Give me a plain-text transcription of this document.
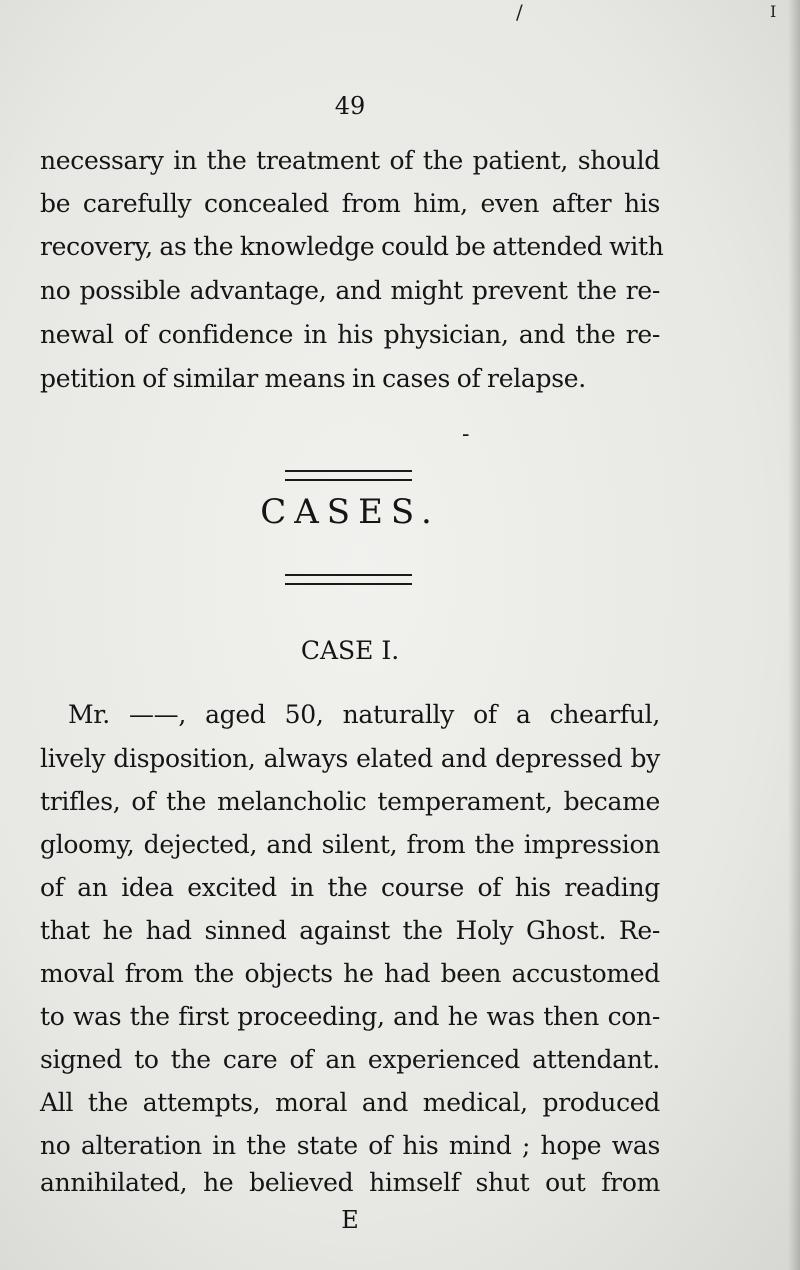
/	I
49
necessary in the treatment of the patient, should
be carefully concealed from him, even after his
recovery, as the knowledge could be attended with
no possible advantage, and might prevent the re-
newal of confidence in his physician, and the re-
petition of similar means in cases of relapse.
-
CASES.
CASE I.
Mr. ——, aged 50, naturally of a chearful,
lively disposition, always elated and depressed by
trifles, of the melancholic temperament, became
gloomy, dejected, and silent, from the impression
of an idea excited in the course of his reading
that he had sinned against the Holy Ghost. Re-
moval from the objects he had been accustomed
to was the first proceeding, and he was then con-
signed to the care of an experienced attendant.
All the attempts, moral and medical, produced
no alteration in the state of his mind ; hope was
annihilated, he believed himself shut out from
E
